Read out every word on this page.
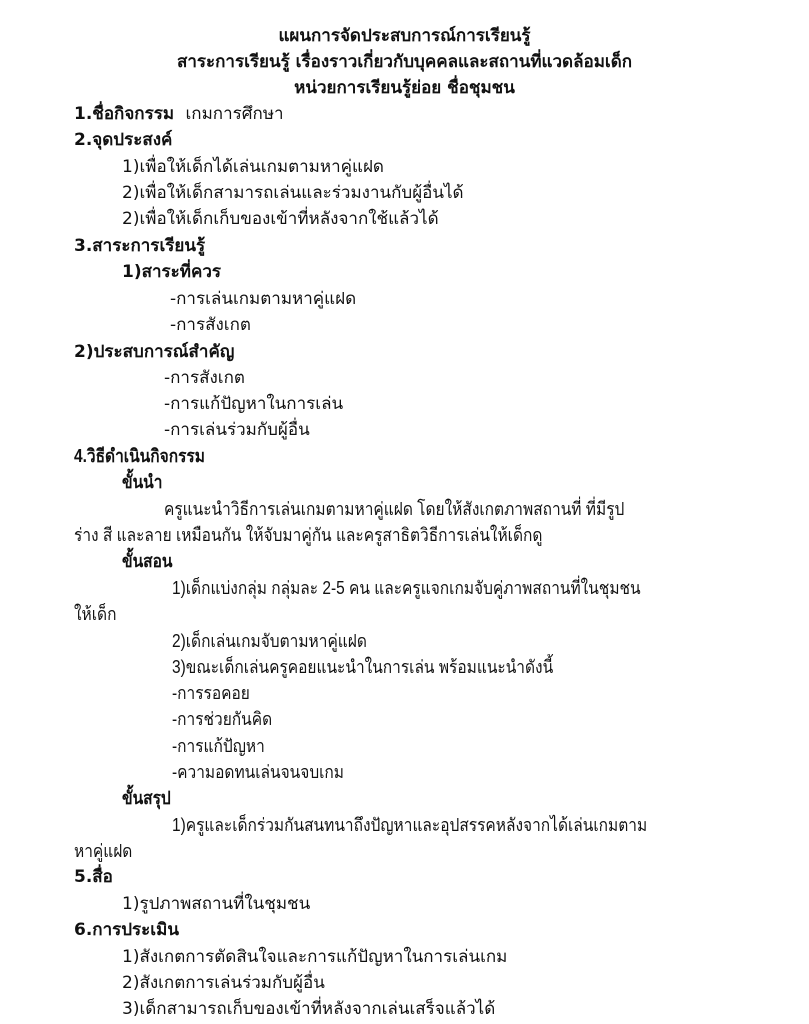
แผนการจัดประสบการณ์การเรียนรู้
สาระการเรียนรู้ เรื่องราวเกี่ยวกับบุคคลและสถานที่แวดล้อมเด็ก
หน่วยการเรียนรู้ย่อย ชื่อชุมชน
1.ชื่อกิจกรรม เกมการศึกษา
2.จุดประสงค์
1)เพื่อให้เด็กได้เล่นเกมตามหาคู่แฝด
2)เพื่อให้เด็กสามารถเล่นและร่วมงานกับผู้อื่นได้
2)เพื่อให้เด็กเก็บของเข้าที่หลังจากใช้แล้วได้
3.สาระการเรียนรู้
1)สาระที่ควร
-การเล่นเกมตามหาคู่แฝด
-การสังเกต
2)ประสบการณ์สำคัญ
-การสังเกต
-การแก้ปัญหาในการเล่น
-การเล่นร่วมกับผู้อื่น
4.วิธีดำเนินกิจกรรม
ขั้นนำ
ครูแนะนำวิธีการเล่นเกมตามหาคู่แฝด โดยให้สังเกตภาพสถานที่ ที่มีรูป
ร่าง สี และลาย เหมือนกัน ให้จับมาคู่กัน และครูสาธิตวิธีการเล่นให้เด็กดู
ขั้นสอน
1)เด็กแบ่งกลุ่ม กลุ่มละ 2-5 คน และครูแจกเกมจับคู่ภาพสถานที่ในชุมชน
ให้เด็ก
2)เด็กเล่นเกมจับตามหาคู่แฝด
3)ขณะเด็กเล่นครูคอยแนะนำในการเล่น พร้อมแนะนำดังนี้
-การรอคอย
-การช่วยกันคิด
-การแก้ปัญหา
-ความอดทนเล่นจนจบเกม
ขั้นสรุป
1)ครูและเด็กร่วมกันสนทนาถึงปัญหาและอุปสรรคหลังจากได้เล่นเกมตาม
หาคู่แฝด
5.สื่อ
1)รูปภาพสถานที่ในชุมชน
6.การประเมิน
1)สังเกตการตัดสินใจและการแก้ปัญหาในการเล่นเกม
2)สังเกตการเล่นร่วมกับผู้อื่น
3)เด็กสามารถเก็บของเข้าที่หลังจากเล่นเสร็จแล้วได้
